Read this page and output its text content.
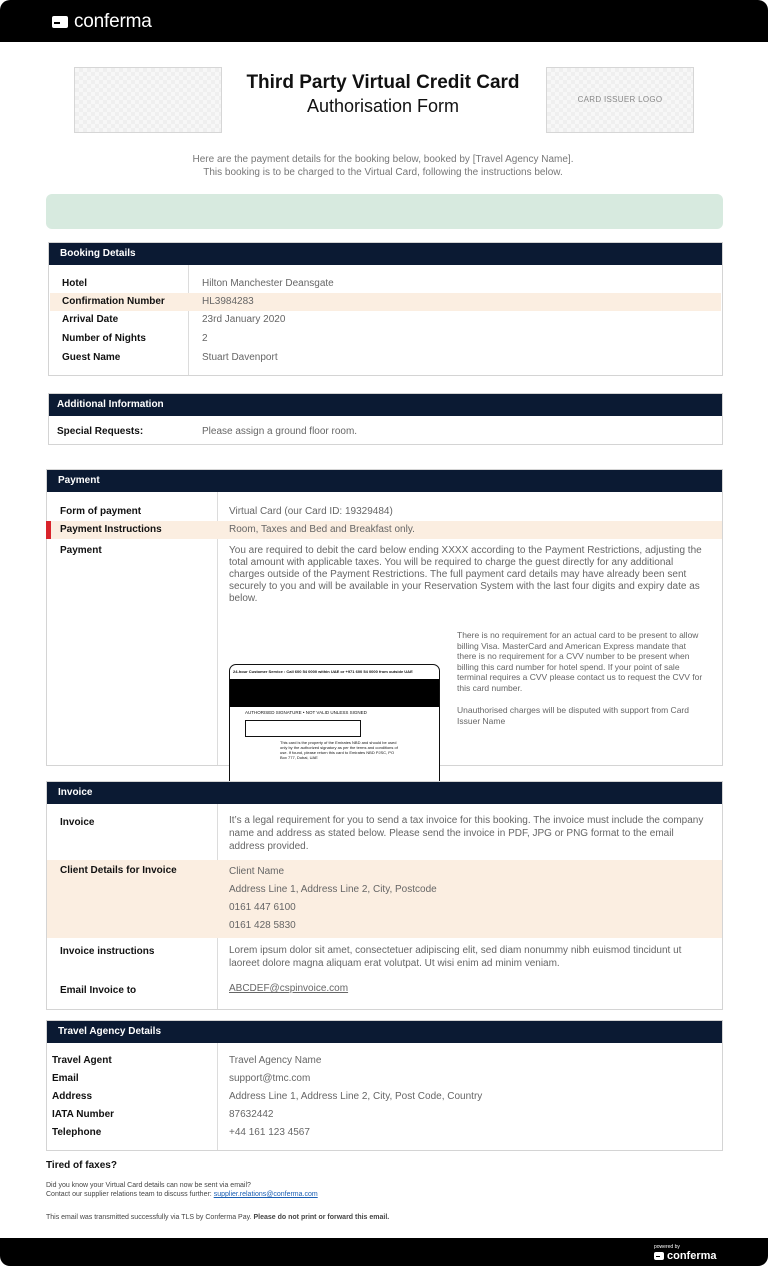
conferma
Third Party Virtual Credit Card
Authorisation Form	CARD ISSUER LOGO
Here are the payment details for the booking below, booked by [Travel Agency Name].
This booking is to be charged to the Virtual Card, following the instructions below.
Booking Details
Hotel	Hilton Manchester Deansgate
Confirmation Number	HL3984283
Arrival Date	23rd January 2020
Number of Nights	2
Guest Name	Stuart Davenport
Additional Information
Special Requests:	Please assign a ground floor room.
Payment
Form of payment	Virtual Card (our Card ID: 19329484)
Payment Instructions	Room, Taxes and Bed and Breakfast only.
Payment	You are required to debit the card below ending XXXX according to the Payment Restrictions, adjusting the total amount with applicable taxes. You will be required to charge the guest directly for any additional charges outside of the Payment Restrictions. The full payment card details may have already been sent securely to you and will be available in your Reservation System with the last four digits and expiry date as below.
24-hour Customer Service : Call 600 54 0000 within UAE or +971 600 54 0000 from outside UAE
AUTHORISED SIGNATURE • NOT VALID UNLESS SIGNED
This card is the property of the Emirates NBD and should be used only by the authorized signatory as per the terms and conditions of use. If found, please return this card to Emirates NBD PJSC, PO Box 777, Dubai, UAE
There is no requirement for an actual card to be present to allow billing Visa. MasterCard and American Express mandate that there is no requirement for a CVV number to be present when billing this card number for hotel spend. If your point of sale terminal requires a CVV please contact us to request the CVV for this card number.
Unauthorised charges will be disputed with support from Card Issuer Name
Invoice
Invoice	It’s a legal requirement for you to send a tax invoice for this booking. The invoice must include the company name and address as stated below. Please send the invoice in PDF, JPG or PNG format to the email address provided.
Client Details for Invoice	Client Name
Address Line 1, Address Line 2, City, Postcode
0161 447 6100
0161 428 5830
Invoice instructions	Lorem ipsum dolor sit amet, consectetuer adipiscing elit, sed diam nonummy nibh euismod tincidunt ut laoreet dolore magna aliquam erat volutpat. Ut wisi enim ad minim veniam.
Email Invoice to	ABCDEF@cspinvoice.com
Travel Agency Details
Travel Agent	Travel Agency Name
Email	support@tmc.com
Address	Address Line 1, Address Line 2, City, Post Code, Country
IATA Number	87632442
Telephone	+44 161 123 4567
Tired of faxes?
Did you know your Virtual Card details can now be sent via email?
Contact our supplier relations team to discuss further: supplier.relations@conferma.com
This email was transmitted successfully via TLS by Conferma Pay. Please do not print or forward this email.
powered by
conferma
